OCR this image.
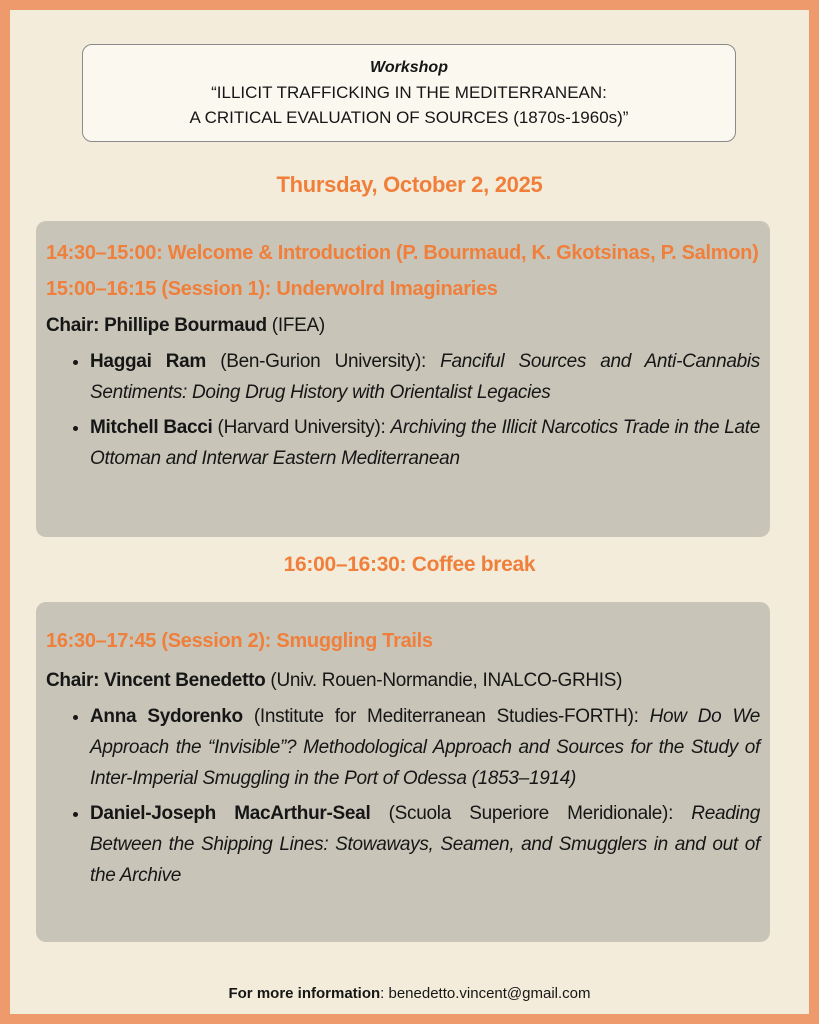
Workshop
“ILLICIT TRAFFICKING IN THE MEDITERRANEAN:
A CRITICAL EVALUATION OF SOURCES (1870s-1960s)”
Thursday, October 2, 2025
14:30–15:00: Welcome & Introduction (P. Bourmaud, K. Gkotsinas, P. Salmon)
15:00–16:15 (Session 1): Underwolrd Imaginaries
Chair: Phillipe Bourmaud (IFEA)
• Haggai Ram (Ben-Gurion University): Fanciful Sources and Anti-Cannabis Sentiments: Doing Drug History with Orientalist Legacies
• Mitchell Bacci (Harvard University): Archiving the Illicit Narcotics Trade in the Late Ottoman and Interwar Eastern Mediterranean
16:00–16:30: Coffee break
16:30–17:45 (Session 2): Smuggling Trails
Chair: Vincent Benedetto (Univ. Rouen-Normandie, INALCO-GRHIS)
• Anna Sydorenko (Institute for Mediterranean Studies-FORTH): How Do We Approach the “Invisible”? Methodological Approach and Sources for the Study of Inter-Imperial Smuggling in the Port of Odessa (1853–1914)
• Daniel-Joseph MacArthur-Seal (Scuola Superiore Meridionale): Reading Between the Shipping Lines: Stowaways, Seamen, and Smugglers in and out of the Archive
For more information: benedetto.vincent@gmail.com
